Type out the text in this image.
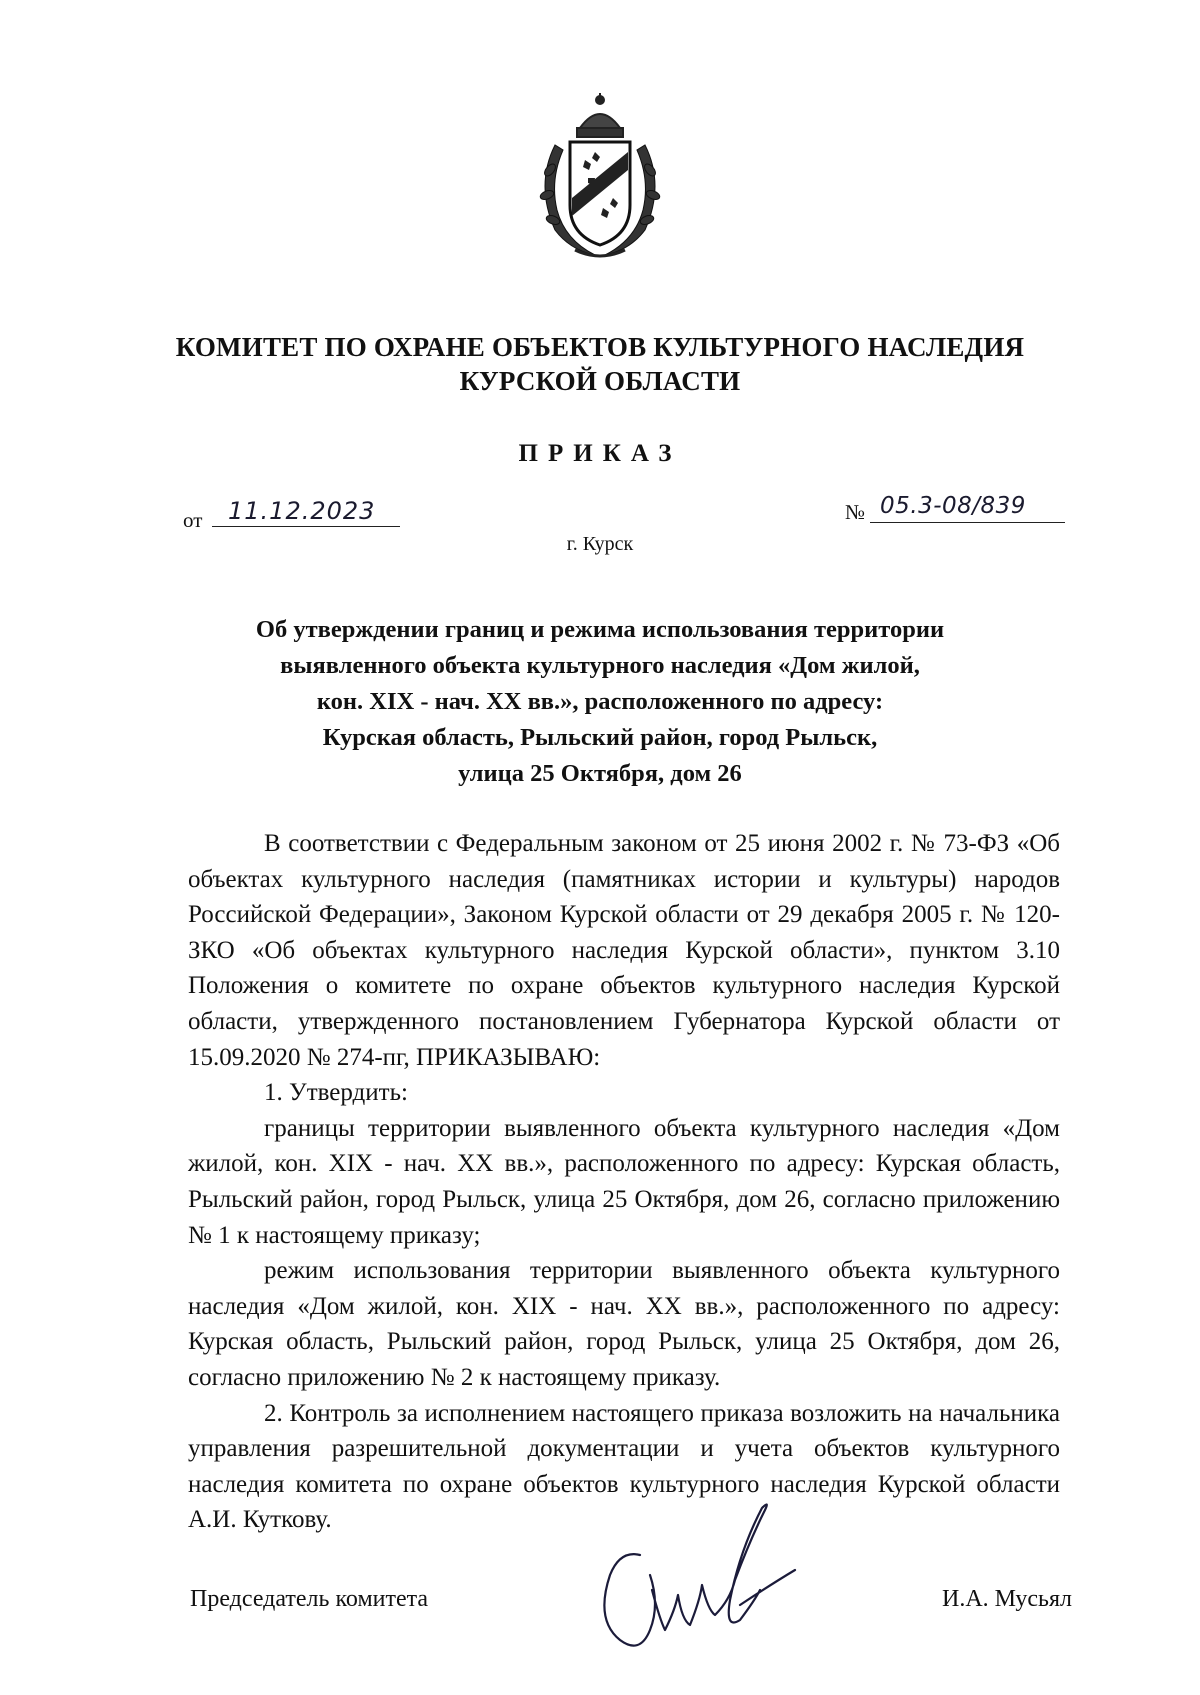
КОМИТЕТ ПО ОХРАНЕ ОБЪЕКТОВ КУЛЬТУРНОГО НАСЛЕДИЯ
КУРСКОЙ ОБЛАСТИ
ПРИКАЗ
от	11.12.2023	№ 05.3-08/839
г. Курск
Об утверждении границ и режима использования территории
выявленного объекта культурного наследия «Дом жилой,
кон. XIX - нач. XX вв.», расположенного по адресу:
Курская область, Рыльский район, город Рыльск,
улица 25 Октября, дом 26

В соответствии с Федеральным законом от 25 июня 2002 г. № 73-ФЗ «Об объектах культурного наследия (памятниках истории и культуры) народов Российской Федерации», Законом Курской области от 29 декабря 2005 г. № 120-ЗКО «Об объектах культурного наследия Курской области», пунктом 3.10 Положения о комитете по охране объектов культурного наследия Курской области, утвержденного постановлением Губернатора Курской области от 15.09.2020 № 274-пг, ПРИКАЗЫВАЮ:

1. Утвердить:

границы территории выявленного объекта культурного наследия «Дом жилой, кон. XIX - нач. XX вв.», расположенного по адресу: Курская область, Рыльский район, город Рыльск, улица 25 Октября, дом 26, согласно приложению № 1 к настоящему приказу;

режим использования территории выявленного объекта культурного наследия «Дом жилой, кон. XIX - нач. XX вв.», расположенного по адресу: Курская область, Рыльский район, город Рыльск, улица 25 Октября, дом 26, согласно приложению № 2 к настоящему приказу.

2. Контроль за исполнением настоящего приказа возложить на начальника управления разрешительной документации и учета объектов культурного наследия комитета по охране объектов культурного наследия Курской области А.И. Куткову.

Председатель комитета	И.А. Мусьял
